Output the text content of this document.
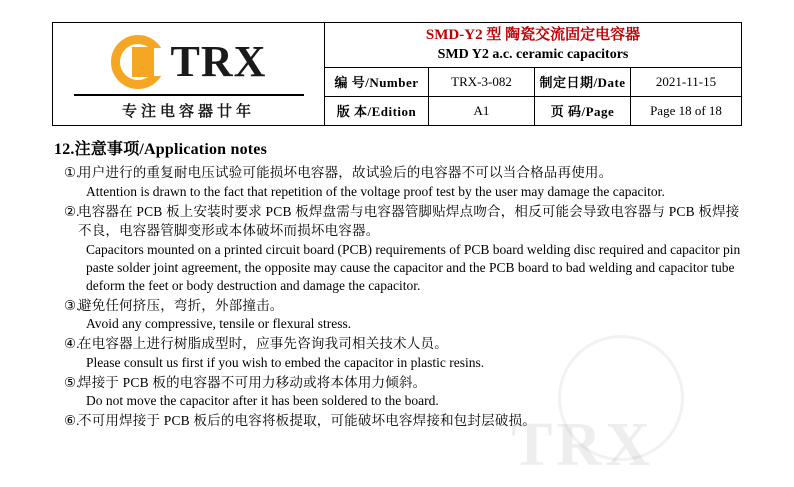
TRX
专注电容器廿年
SMD-Y2 型 陶瓷交流固定电容器
SMD Y2 a.c. ceramic capacitors
编 号/Number	TRX-3-082	制定日期/Date	2021-11-15
版 本/Edition	A1	页 码/Page	Page 18 of 18
12.注意事项/Application notes
①.
用户进行的重复耐电压试验可能损坏电容器，故试验后的电容器不可以当合格品再使用。
Attention is drawn to the fact that repetition of the voltage proof test by the user may damage the capacitor.
②.
电容器在 PCB 板上安装时要求 PCB 板焊盘需与电容器管脚贴焊点吻合，相反可能会导致电容器与 PCB 板焊接不良，电容器管脚变形或本体破坏而损坏电容器。
Capacitors mounted on a printed circuit board (PCB) requirements of PCB board welding disc required and capacitor pin paste solder joint agreement, the opposite may cause the capacitor and the PCB board to bad welding and capacitor tube deform the feet or body destruction and damage the capacitor.
③.
避免任何挤压，弯折，外部撞击。
Avoid any compressive, tensile or flexural stress.
④.
在电容器上进行树脂成型时，应事先咨询我司相关技术人员。
Please consult us first if you wish to embed the capacitor in plastic resins.
⑤.
焊接于 PCB 板的电容器不可用力移动或将本体用力倾斜。
Do not move the capacitor after it has been soldered to the board.
⑥.
不可用焊接于 PCB 板后的电容将板提取，可能破坏电容焊接和包封层破损。
TRX
